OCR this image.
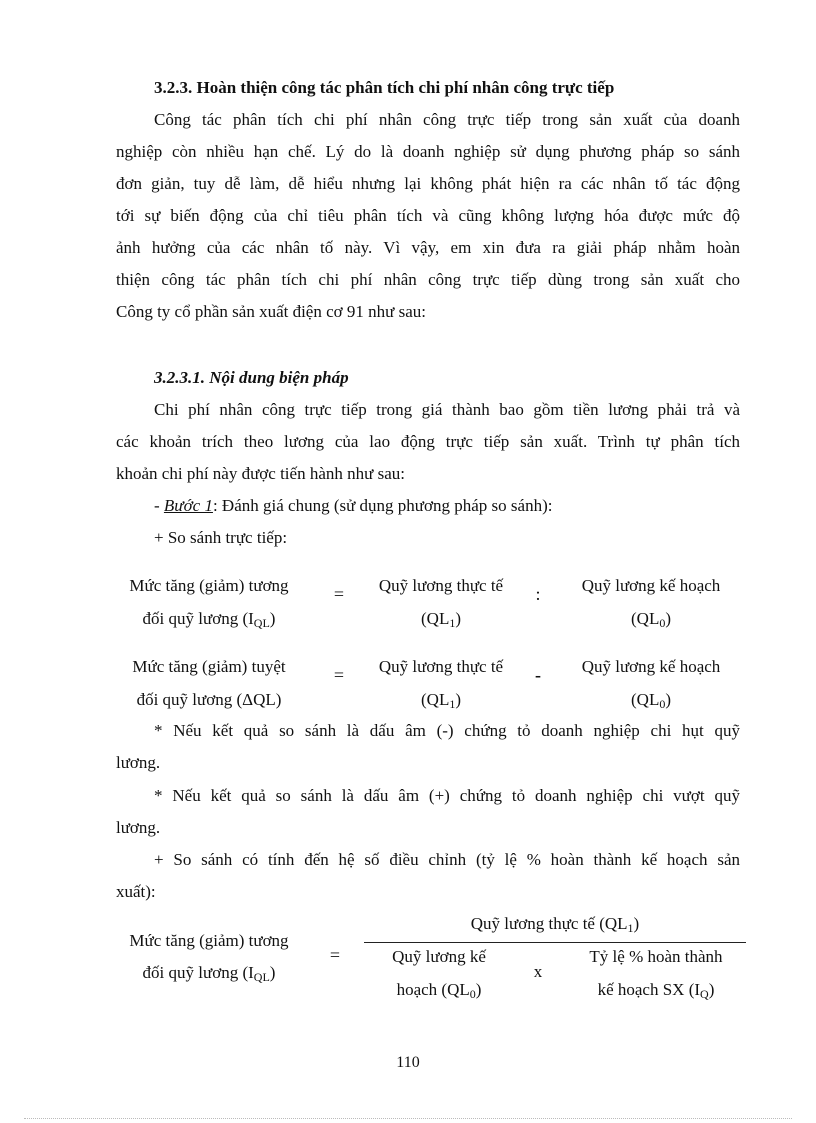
3.2.3. Hoàn thiện công tác phân tích chi phí nhân công trực tiếp
Công tác phân tích chi phí nhân công trực tiếp trong sản xuất của doanh
nghiệp còn nhiều hạn chế. Lý do là doanh nghiệp sử dụng phương pháp so sánh
đơn giản, tuy dễ làm, dễ hiểu nhưng lại không phát hiện ra các nhân tố tác động
tới sự biến động của chỉ tiêu phân tích và cũng không lượng hóa được mức độ
ảnh hưởng của các nhân tố này. Vì vậy, em xin đưa ra giải pháp nhằm hoàn
thiện công tác phân tích chi phí nhân công trực tiếp dùng trong sản xuất cho
Công ty cổ phần sản xuất điện cơ 91 như sau:
3.2.3.1. Nội dung biện pháp
Chi phí nhân công trực tiếp trong giá thành bao gồm tiền lương phải trả và
các khoản trích theo lương của lao động trực tiếp sản xuất. Trình tự phân tích
khoản chi phí này được tiến hành như sau:
- Bước 1: Đánh giá chung (sử dụng phương pháp so sánh):
+ So sánh trực tiếp:
Mức tăng (giảm) tương
đối quỹ lương $(I_{QL})$
=	Quỹ lương thực tế
$(QL_1)$
:	Quỹ lương kế hoạch
$(QL_0)$
Mức tăng (giảm) tuyệt
đối quỹ lương (ΔQL)
=	Quỹ lương thực tế
$(QL_1)$
-	Quỹ lương kế hoạch
$(QL_0)$
* Nếu kết quả so sánh là dấu âm (-) chứng tỏ doanh nghiệp chi hụt quỹ
lương.
* Nếu kết quả so sánh là dấu âm (+) chứng tỏ doanh nghiệp chi vượt quỹ
lương.
+ So sánh có tính đến hệ số điều chỉnh (tỷ lệ % hoàn thành kế hoạch sản
xuất):
Quỹ lương thực tế $(QL_1)$
Mức tăng (giảm) tương
đối quỹ lương $(I_{QL})$
=	Quỹ lương kế
hoạch $(QL_0)$
x
Tỷ lệ % hoàn thành
kế hoạch SX $(I_Q)$
110
